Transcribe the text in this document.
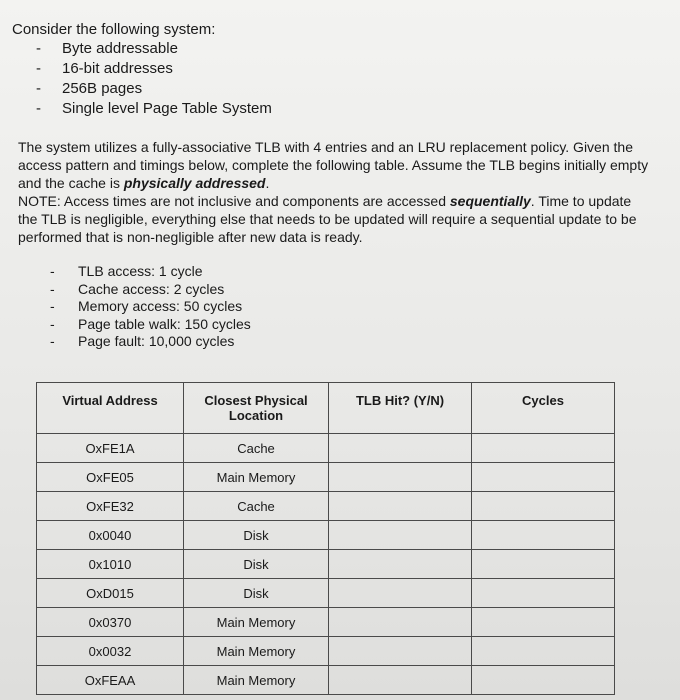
Consider the following system:
-	Byte addressable
-	16-bit addresses
-	256B pages
-	Single level Page Table System

The system utilizes a fully-associative TLB with 4 entries and an LRU replacement policy. Given the access pattern and timings below, complete the following table. Assume the TLB begins initially empty and the cache is physically addressed.

NOTE: Access times are not inclusive and components are accessed sequentially. Time to update the TLB is negligible, everything else that needs to be updated will require a sequential update to be performed that is non-negligible after new data is ready.

-	TLB access: 1 cycle
-	Cache access: 2 cycles
-	Memory access: 50 cycles
-	Page table walk: 150 cycles
-	Page fault: 10,000 cycles
Virtual Address	Closest Physical Location	TLB Hit? (Y/N)	Cycles
OxFE1A	Cache		
OxFE05	Main Memory		
OxFE32	Cache		
0x0040	Disk		
0x1010	Disk		
OxD015	Disk		
0x0370	Main Memory		
0x0032	Main Memory		
OxFEAA	Main Memory		
